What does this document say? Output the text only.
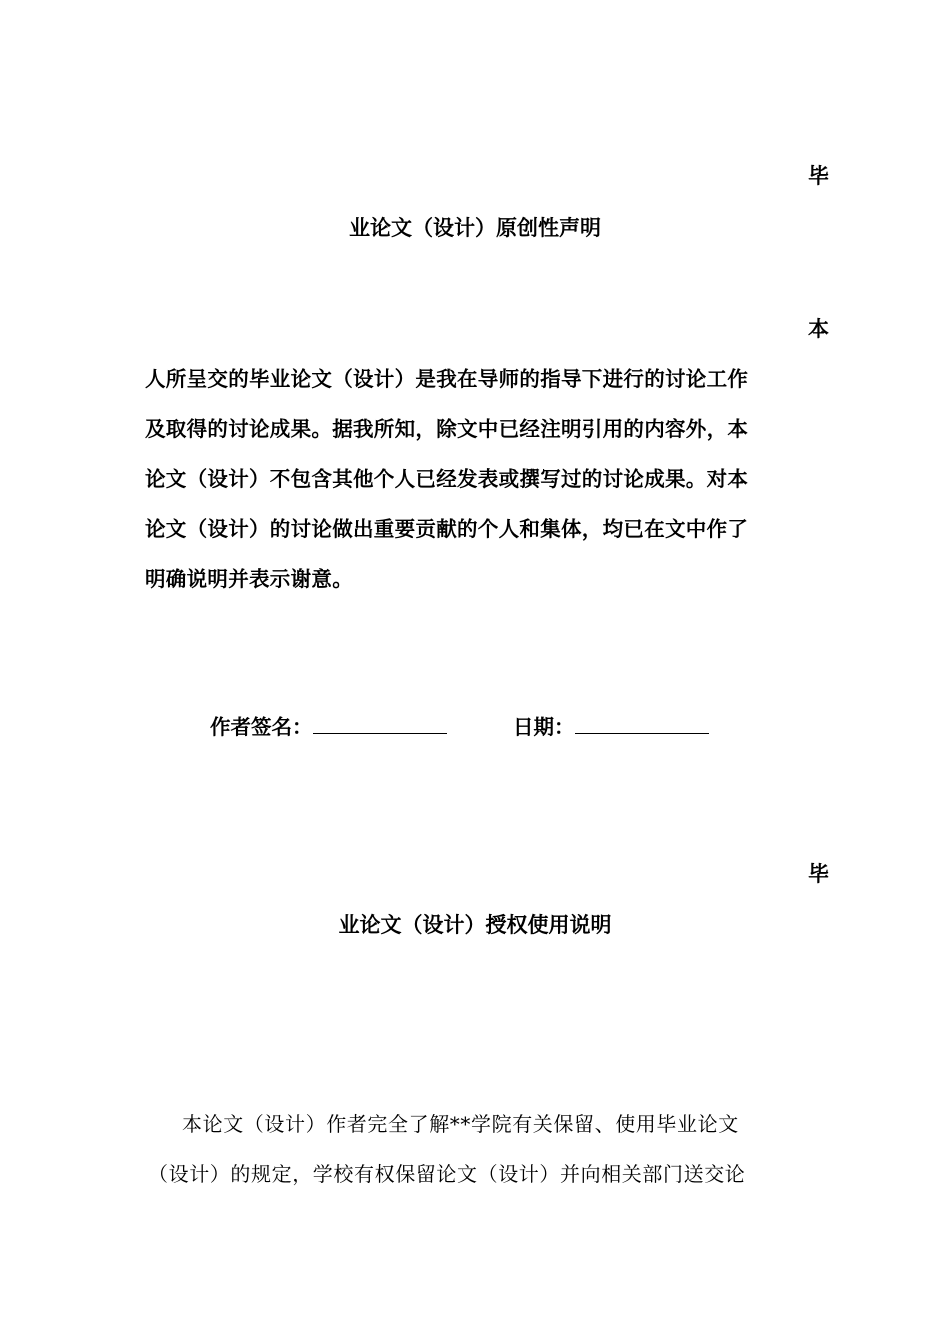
毕
业论文（设计）原创性声明
本
人所呈交的毕业论文（设计）是我在导师的指导下进行的讨论工作
及取得的讨论成果。据我所知，除文中已经注明引用的内容外，本
论文（设计）不包含其他个人已经发表或撰写过的讨论成果。对本
论文（设计）的讨论做出重要贡献的个人和集体，均已在文中作了
明确说明并表示谢意。
作者签名：	日期：
毕
业论文（设计）授权使用说明
本论文（设计）作者完全了解**学院有关保留、使用毕业论文
（设计）的规定，学校有权保留论文（设计）并向相关部门送交论
